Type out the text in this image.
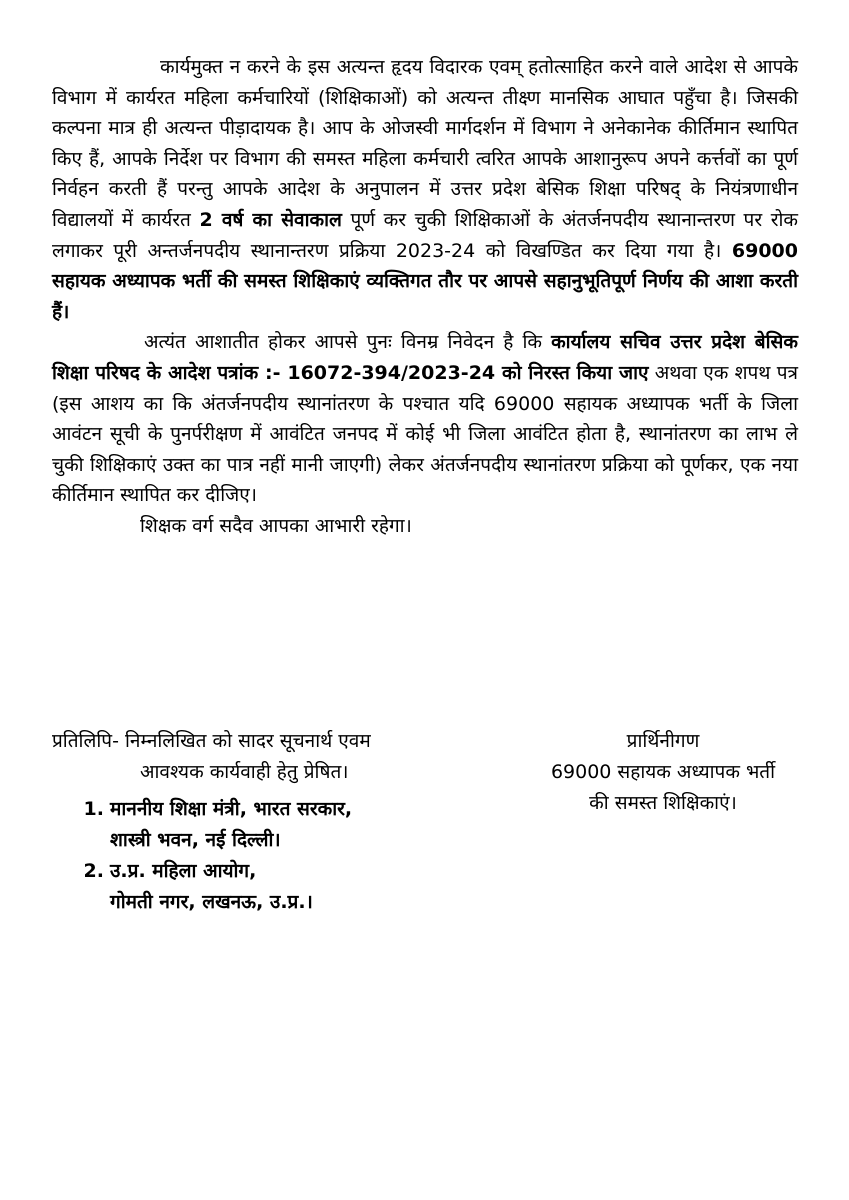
कार्यमुक्त न करने के इस अत्यन्त हृदय विदारक एवम् हतोत्साहित करने वाले आदेश से आपके विभाग में कार्यरत महिला कर्मचारियों (शिक्षिकाओं) को अत्यन्त तीक्ष्ण मानसिक आघात पहुँचा है। जिसकी कल्पना मात्र ही अत्यन्त पीड़ादायक है। आप के ओजस्वी मार्गदर्शन में विभाग ने अनेकानेक कीर्तिमान स्थापित किए हैं, आपके निर्देश पर विभाग की समस्त महिला कर्मचारी त्वरित आपके आशानुरूप अपने कर्त्तवों का पूर्ण निर्वहन करती हैं परन्तु आपके आदेश के अनुपालन में उत्तर प्रदेश बेसिक शिक्षा परिषद् के नियंत्रणाधीन विद्यालयों में कार्यरत 2 वर्ष का सेवाकाल पूर्ण कर चुकी शिक्षिकाओं के अंतर्जनपदीय स्थानान्तरण पर रोक लगाकर पूरी अन्तर्जनपदीय स्थानान्तरण प्रक्रिया 2023-24 को विखण्डित कर दिया गया है। 69000 सहायक अध्यापक भर्ती की समस्त शिक्षिकाएं व्यक्तिगत तौर पर आपसे सहानुभूतिपूर्ण निर्णय की आशा करती हैं।

अत्यंत आशातीत होकर आपसे पुनः विनम्र निवेदन है कि कार्यालय सचिव उत्तर प्रदेश बेसिक शिक्षा परिषद के आदेश पत्रांक :- 16072-394/2023-24 को निरस्त किया जाए अथवा एक शपथ पत्र (इस आशय का कि अंतर्जनपदीय स्थानांतरण के पश्चात यदि 69000 सहायक अध्यापक भर्ती के जिला आवंटन सूची के पुनर्परीक्षण में आवंटित जनपद में कोई भी जिला आवंटित होता है, स्थानांतरण का लाभ ले चुकी शिक्षिकाएं उक्त का पात्र नहीं मानी जाएगी) लेकर अंतर्जनपदीय स्थानांतरण प्रक्रिया को पूर्णकर, एक नया कीर्तिमान स्थापित कर दीजिए।

शिक्षक वर्ग सदैव आपका आभारी रहेगा।

प्रतिलिपि- निम्नलिखित को सादर सूचनार्थ एवम
आवश्यक कार्यवाही हेतु प्रेषित।
1. माननीय शिक्षा मंत्री, भारत सरकार,
शास्त्री भवन, नई दिल्ली।
2. उ.प्र. महिला आयोग,
गोमती नगर, लखनऊ, उ.प्र.।
प्रार्थिनीगण
69000 सहायक अध्यापक भर्ती
की समस्त शिक्षिकाएं।
